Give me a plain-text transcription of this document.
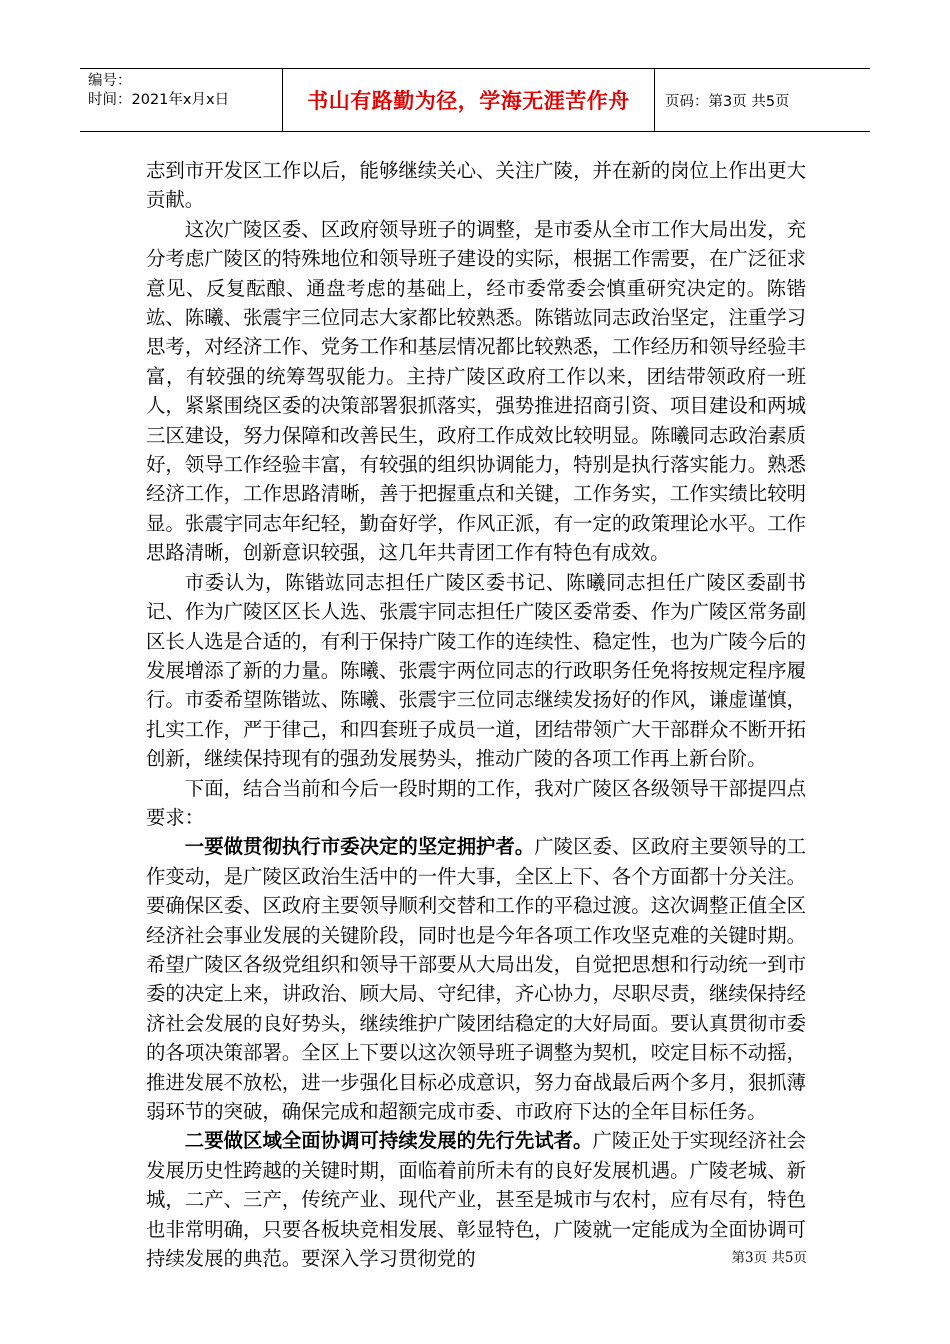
编号：
时间：2021年x月x日	书山有路勤为径，学海无涯苦作舟	页码：第3页 共5页

志到市开发区工作以后，能够继续关心、关注广陵，并在新的岗位上作出更大贡献。

这次广陵区委、区政府领导班子的调整，是市委从全市工作大局出发，充分考虑广陵区的特殊地位和领导班子建设的实际，根据工作需要，在广泛征求意见、反复酝酿、通盘考虑的基础上，经市委常委会慎重研究决定的。陈锴竑、陈曦、张震宇三位同志大家都比较熟悉。陈锴竑同志政治坚定，注重学习思考，对经济工作、党务工作和基层情况都比较熟悉，工作经历和领导经验丰富，有较强的统筹驾驭能力。主持广陵区政府工作以来，团结带领政府一班人，紧紧围绕区委的决策部署狠抓落实，强势推进招商引资、项目建设和两城三区建设，努力保障和改善民生，政府工作成效比较明显。陈曦同志政治素质好，领导工作经验丰富，有较强的组织协调能力，特别是执行落实能力。熟悉经济工作，工作思路清晰，善于把握重点和关键，工作务实，工作实绩比较明显。张震宇同志年纪轻，勤奋好学，作风正派，有一定的政策理论水平。工作思路清晰，创新意识较强，这几年共青团工作有特色有成效。

市委认为，陈锴竑同志担任广陵区委书记、陈曦同志担任广陵区委副书记、作为广陵区区长人选、张震宇同志担任广陵区委常委、作为广陵区常务副区长人选是合适的，有利于保持广陵工作的连续性、稳定性，也为广陵今后的发展增添了新的力量。陈曦、张震宇两位同志的行政职务任免将按规定程序履行。市委希望陈锴竑、陈曦、张震宇三位同志继续发扬好的作风，谦虚谨慎，扎实工作，严于律己，和四套班子成员一道，团结带领广大干部群众不断开拓创新，继续保持现有的强劲发展势头，推动广陵的各项工作再上新台阶。

下面，结合当前和今后一段时期的工作，我对广陵区各级领导干部提四点要求：

一要做贯彻执行市委决定的坚定拥护者。广陵区委、区政府主要领导的工作变动，是广陵区政治生活中的一件大事，全区上下、各个方面都十分关注。要确保区委、区政府主要领导顺利交替和工作的平稳过渡。这次调整正值全区经济社会事业发展的关键阶段，同时也是今年各项工作攻坚克难的关键时期。希望广陵区各级党组织和领导干部要从大局出发，自觉把思想和行动统一到市委的决定上来，讲政治、顾大局、守纪律，齐心协力，尽职尽责，继续保持经济社会发展的良好势头，继续维护广陵团结稳定的大好局面。要认真贯彻市委的各项决策部署。全区上下要以这次领导班子调整为契机，咬定目标不动摇，推进发展不放松，进一步强化目标必成意识，努力奋战最后两个多月，狠抓薄弱环节的突破，确保完成和超额完成市委、市政府下达的全年目标任务。

二要做区域全面协调可持续发展的先行先试者。广陵正处于实现经济社会发展历史性跨越的关键时期，面临着前所未有的良好发展机遇。广陵老城、新城，二产、三产，传统产业、现代产业，甚至是城市与农村，应有尽有，特色也非常明确，只要各板块竞相发展、彰显特色，广陵就一定能成为全面协调可持续发展的典范。要深入学习贯彻党的	第3页 共5页
